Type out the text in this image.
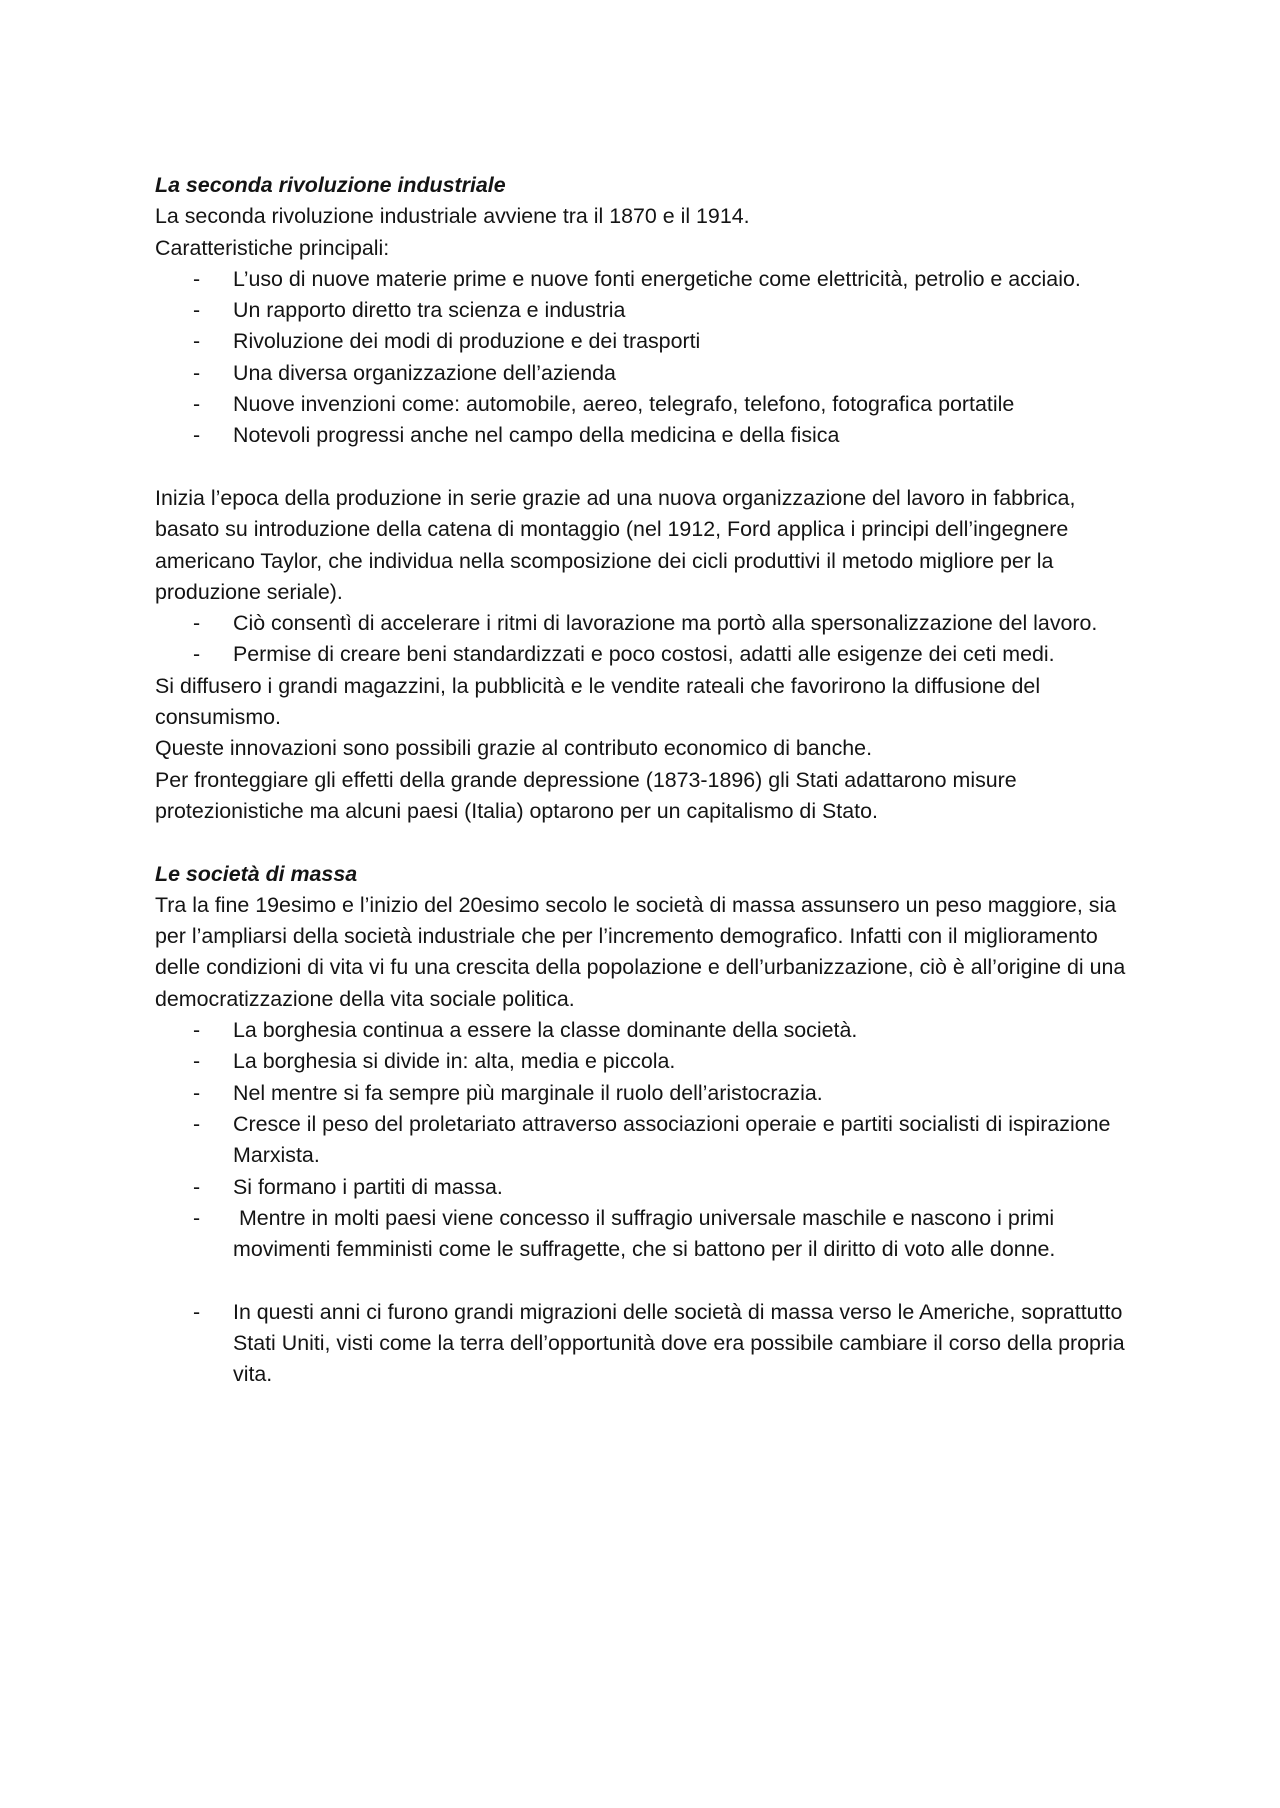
La seconda rivoluzione industriale

La seconda rivoluzione industriale avviene tra il 1870 e il 1914.

Caratteristiche principali:

- L’uso di nuove materie prime e nuove fonti energetiche come elettricità, petrolio e acciaio.
- Un rapporto diretto tra scienza e industria
- Rivoluzione dei modi di produzione e dei trasporti
- Una diversa organizzazione dell’azienda
- Nuove invenzioni come: automobile, aereo, telegrafo, telefono, fotografica portatile
- Notevoli progressi anche nel campo della medicina e della fisica

Inizia l’epoca della produzione in serie grazie ad una nuova organizzazione del lavoro in fabbrica, basato su introduzione della catena di montaggio (nel 1912, Ford applica i principi dell’ingegnere americano Taylor, che individua nella scomposizione dei cicli produttivi il metodo migliore per la produzione seriale).

- Ciò consentì di accelerare i ritmi di lavorazione ma portò alla spersonalizzazione del lavoro.
- Permise di creare beni standardizzati e poco costosi, adatti alle esigenze dei ceti medi.

Si diffusero i grandi magazzini, la pubblicità e le vendite rateali che favorirono la diffusione del consumismo.

Queste innovazioni sono possibili grazie al contributo economico di banche.

Per fronteggiare gli effetti della grande depressione (1873-1896) gli Stati adattarono misure protezionistiche ma alcuni paesi (Italia) optarono per un capitalismo di Stato.

Le società di massa

Tra la fine 19esimo e l’inizio del 20esimo secolo le società di massa assunsero un peso maggiore, sia per l’ampliarsi della società industriale che per l’incremento demografico. Infatti con il miglioramento delle condizioni di vita vi fu una crescita della popolazione e dell’urbanizzazione, ciò è all’origine di una democratizzazione della vita sociale politica.

- La borghesia continua a essere la classe dominante della società.
- La borghesia si divide in: alta, media e piccola.
- Nel mentre si fa sempre più marginale il ruolo dell’aristocrazia.
- Cresce il peso del proletariato attraverso associazioni operaie e partiti socialisti di ispirazione Marxista.
- Si formano i partiti di massa.
- Mentre in molti paesi viene concesso il suffragio universale maschile e nascono i primi movimenti femministi come le suffragette, che si battono per il diritto di voto alle donne.
- In questi anni ci furono grandi migrazioni delle società di massa verso le Americhe, soprattutto Stati Uniti, visti come la terra dell’opportunità dove era possibile cambiare il corso della propria vita.
